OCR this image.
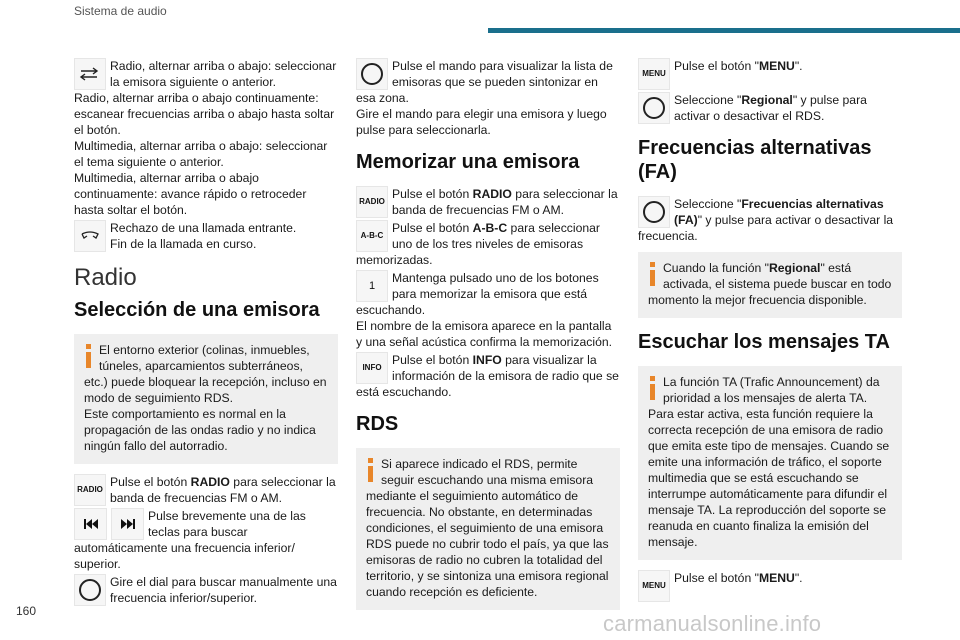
Sistema de audio

Radio, alternar arriba o abajo: seleccionar la emisora siguiente o anterior.

Radio, alternar arriba o abajo continuamente: escanear frecuencias arriba o abajo hasta soltar el botón.

Multimedia, alternar arriba o abajo: seleccionar el tema siguiente o anterior.

Multimedia, alternar arriba o abajo continuamente: avance rápido o retroceder hasta soltar el botón.

Rechazo de una llamada entrante.

Fin de la llamada en curso.

Radio
Selección de una emisora

El entorno exterior (colinas, inmuebles, túneles, aparcamientos subterráneos, etc.) puede bloquear la recepción, incluso en modo de seguimiento RDS.

Este comportamiento es normal en la propagación de las ondas radio y no indica ningún fallo del autorradio.

RADIO

Pulse el botón RADIO para seleccionar la banda de frecuencias FM o AM.

Pulse brevemente una de las teclas para buscar automáticamente una frecuencia inferior/ superior.

Gire el dial para buscar manualmente una frecuencia inferior/superior.

Pulse el mando para visualizar la lista de emisoras que se pueden sintonizar en esa zona.

Gire el mando para elegir una emisora y luego pulse para seleccionarla.

Memorizar una emisora
RADIO

Pulse el botón RADIO para seleccionar la banda de frecuencias FM o AM.

A-B-C

Pulse el botón A-B-C para seleccionar uno de los tres niveles de emisoras memorizadas.

1

Mantenga pulsado uno de los botones para memorizar la emisora que está escuchando.

El nombre de la emisora aparece en la pantalla y una señal acústica confirma la memorización.

INFO

Pulse el botón INFO para visualizar la información de la emisora de radio que se está escuchando.

RDS

Si aparece indicado el RDS, permite seguir escuchando una misma emisora mediante el seguimiento automático de frecuencia. No obstante, en determinadas condiciones, el seguimiento de una emisora RDS puede no cubrir todo el país, ya que las emisoras de radio no cubren la totalidad del territorio, y se sintoniza una emisora regional cuando recepción es deficiente.

MENU

Pulse el botón "MENU".

Seleccione "Regional" y pulse para activar o desactivar el RDS.

Frecuencias alternativas (FA)

Seleccione "Frecuencias alternativas (FA)" y pulse para activar o desactivar la frecuencia.

Cuando la función "Regional" está activada, el sistema puede buscar en todo momento la mejor frecuencia disponible.

Escuchar los mensajes TA

La función TA (Trafic Announcement) da prioridad a los mensajes de alerta TA. Para estar activa, esta función requiere la correcta recepción de una emisora de radio que emita este tipo de mensajes. Cuando se emite una información de tráfico, el soporte multimedia que se está escuchando se interrumpe automáticamente para difundir el mensaje TA. La reproducción del soporte se reanuda en cuanto finaliza la emisión del mensaje.

MENU

Pulse el botón "MENU".

160	carmanualsonline.info
